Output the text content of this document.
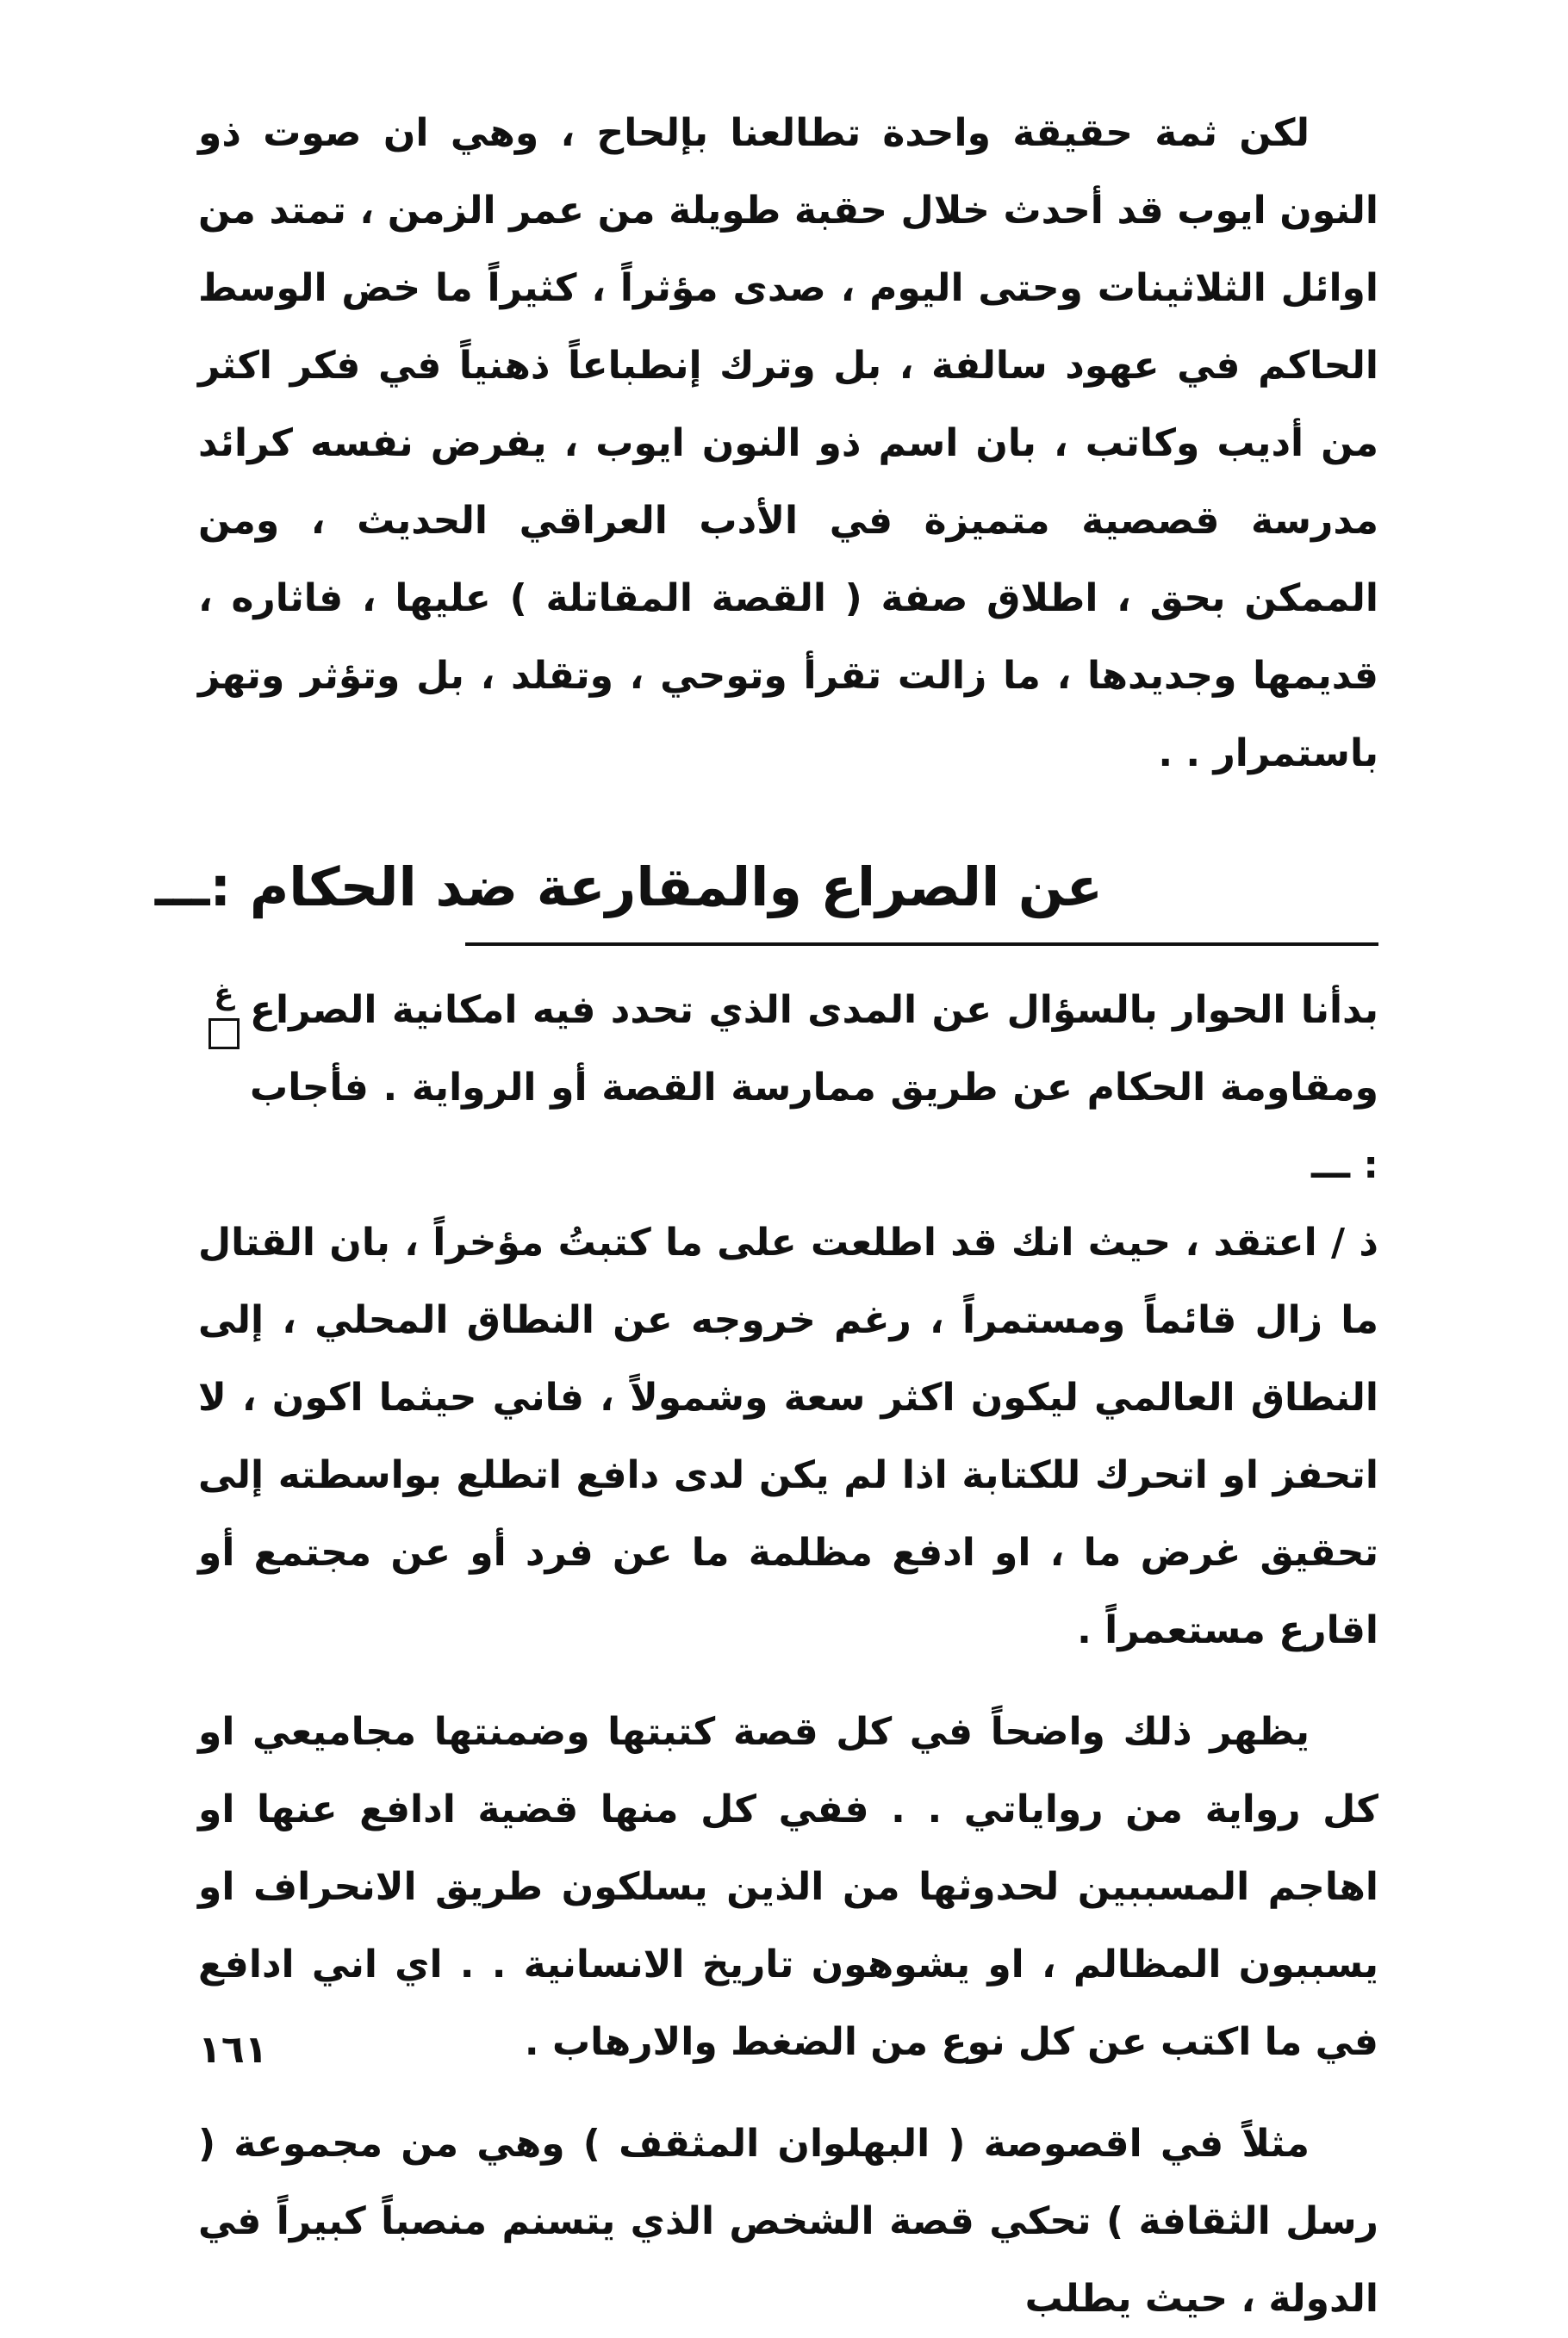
لكن ثمة حقيقة واحدة تطالعنا بإلحاح ، وهي ان صوت ذو النون ايوب قد أحدث خلال حقبة طويلة من عمر الزمن ، تمتد من اوائل الثلاثينات وحتى اليوم ، صدى مؤثراً ، كثيراً ما خض الوسط الحاكم في عهود سالفة ، بل وترك إنطباعاً ذهنياً في فكر اكثر من أديب وكاتب ، بان اسم ذو النون ايوب ، يفرض نفسه كرائد مدرسة قصصية متميزة في الأدب العراقي الحديث ، ومن الممكن بحق ، اطلاق صفة ( القصة المقاتلة ) عليها ، فاثاره ، قديمها وجديدها ، ما زالت تقرأ وتوحي ، وتقلد ، بل وتؤثر وتهز باستمرار . .

عن الصراع والمقارعة ضد الحكام :ـــ

بدأنا الحوار بالسؤال عن المدى الذي تحدد فيه امكانية الصراع ومقاومة الحكام عن طريق ممارسة القصة أو الرواية . فأجاب : ـــ

غ

ذ / اعتقد ، حيث انك قد اطلعت على ما كتبتُ مؤخراً ، بان القتال ما زال قائماً ومستمراً ، رغم خروجه عن النطاق المحلي ، إلى النطاق العالمي ليكون اكثر سعة وشمولاً ، فاني حيثما اكون ، لا اتحفز او اتحرك للكتابة اذا لم يكن لدى دافع اتطلع بواسطته إلى تحقيق غرض ما ، او ادفع مظلمة ما عن فرد أو عن مجتمع أو اقارع مستعمراً .

يظهر ذلك واضحاً في كل قصة كتبتها وضمنتها مجاميعي او كل رواية من رواياتي . . ففي كل منها قضية ادافع عنها او اهاجم المسببين لحدوثها من الذين يسلكون طريق الانحراف او يسببون المظالم ، او يشوهون تاريخ الانسانية . . اي اني ادافع في ما اكتب عن كل نوع من الضغط والارهاب .

مثلاً في اقصوصة ( البهلوان المثقف ) وهي من مجموعة ( رسل الثقافة ) تحكي قصة الشخص الذي يتسنم منصباً كبيراً في الدولة ، حيث يطلب

١٦١
